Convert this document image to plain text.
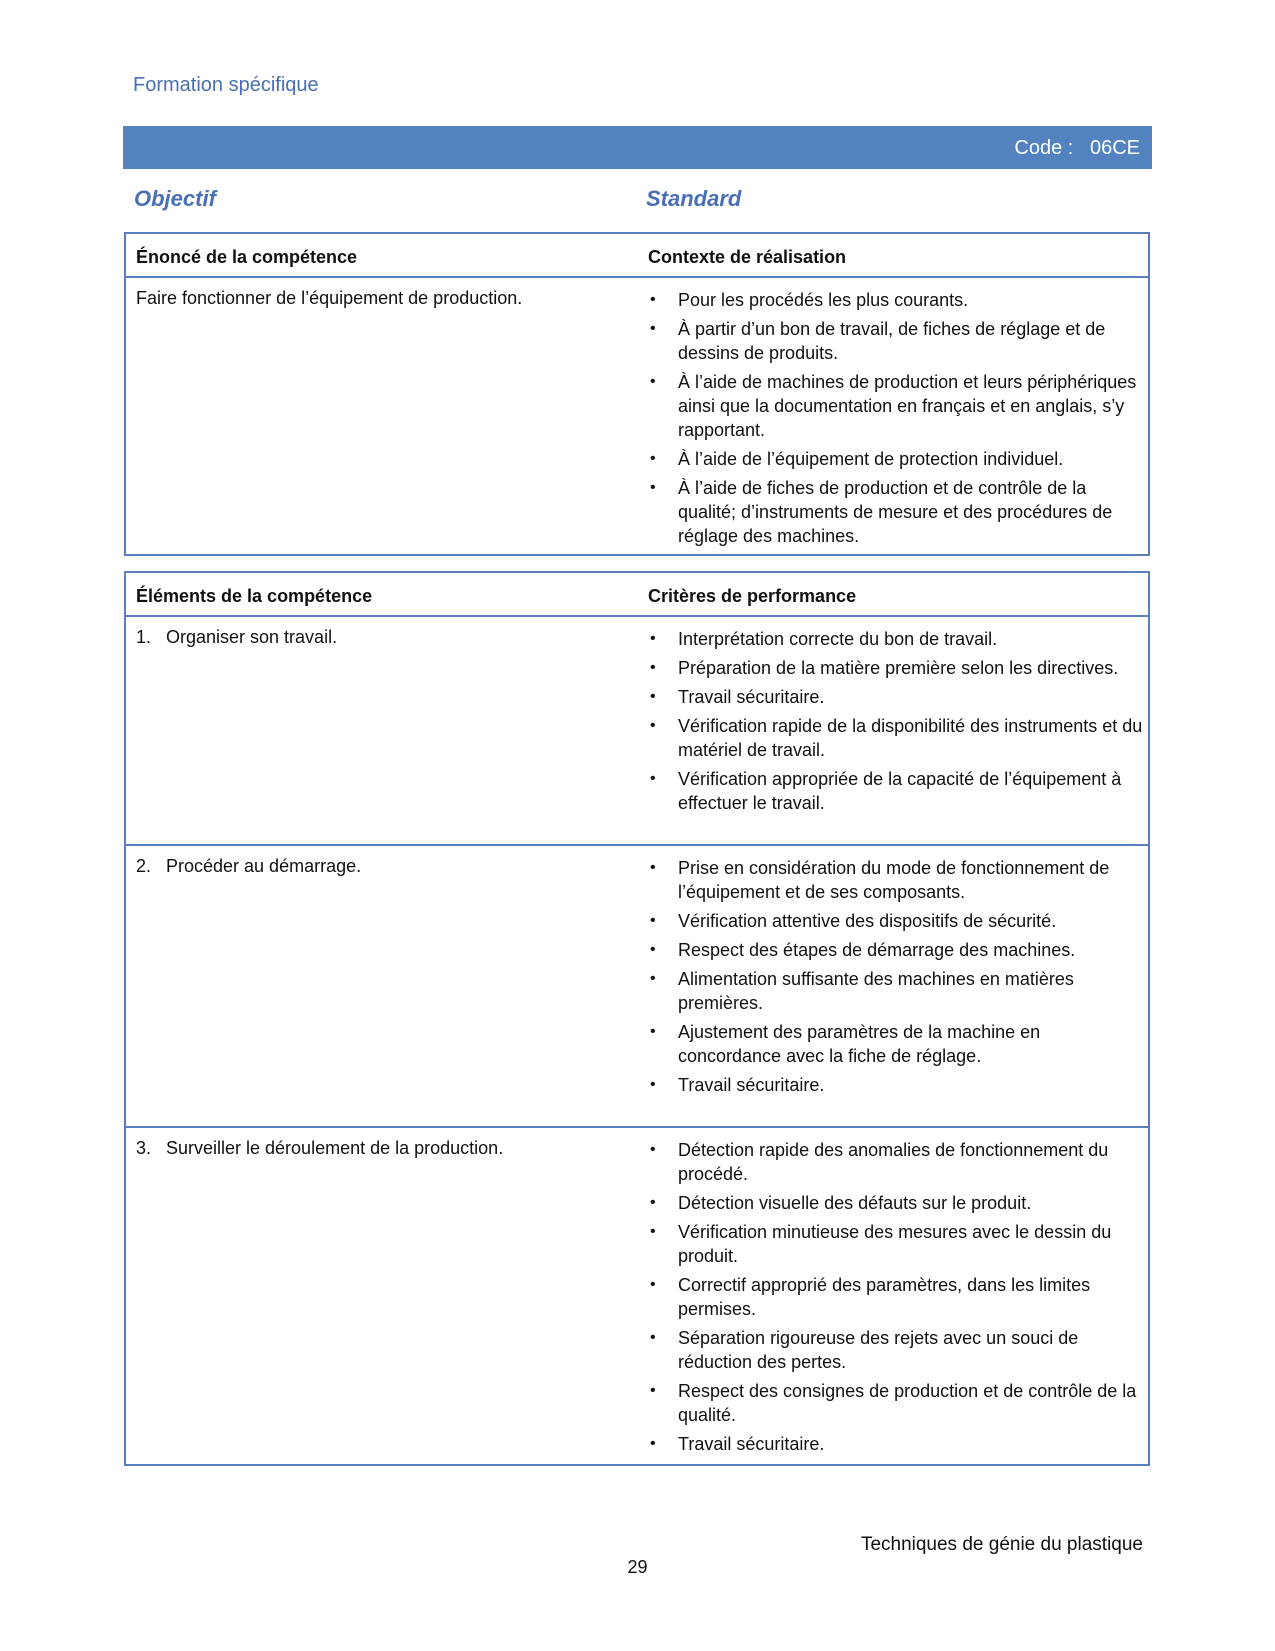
Formation spécifique
Code :   06CE
Objectif	Standard
Énoncé de la compétence	Contexte de réalisation
Faire fonctionner de l’équipement de production.	• Pour les procédés les plus courants.
• À partir d’un bon de travail, de fiches de réglage et de dessins de produits.
• À l’aide de machines de production et leurs périphériques ainsi que la documentation en français et en anglais, s’y rapportant.
• À l’aide de l’équipement de protection individuel.
• À l’aide de fiches de production et de contrôle de la qualité; d’instruments de mesure et des procédures de réglage des machines.
Éléments de la compétence	Critères de performance
1. Organiser son travail.	• Interprétation correcte du bon de travail.
• Préparation de la matière première selon les directives.
• Travail sécuritaire.
• Vérification rapide de la disponibilité des instruments et du matériel de travail.
• Vérification appropriée de la capacité de l’équipement à effectuer le travail.
2. Procéder au démarrage.	• Prise en considération du mode de fonctionnement de l’équipement et de ses composants.
• Vérification attentive des dispositifs de sécurité.
• Respect des étapes de démarrage des machines.
• Alimentation suffisante des machines en matières premières.
• Ajustement des paramètres de la machine en concordance avec la fiche de réglage.
• Travail sécuritaire.
3. Surveiller le déroulement de la production.	• Détection rapide des anomalies de fonctionnement du procédé.
• Détection visuelle des défauts sur le produit.
• Vérification minutieuse des mesures avec le dessin du produit.
• Correctif approprié des paramètres, dans les limites permises.
• Séparation rigoureuse des rejets avec un souci de réduction des pertes.
• Respect des consignes de production et de contrôle de la qualité.
• Travail sécuritaire.
Techniques de génie du plastique
29
